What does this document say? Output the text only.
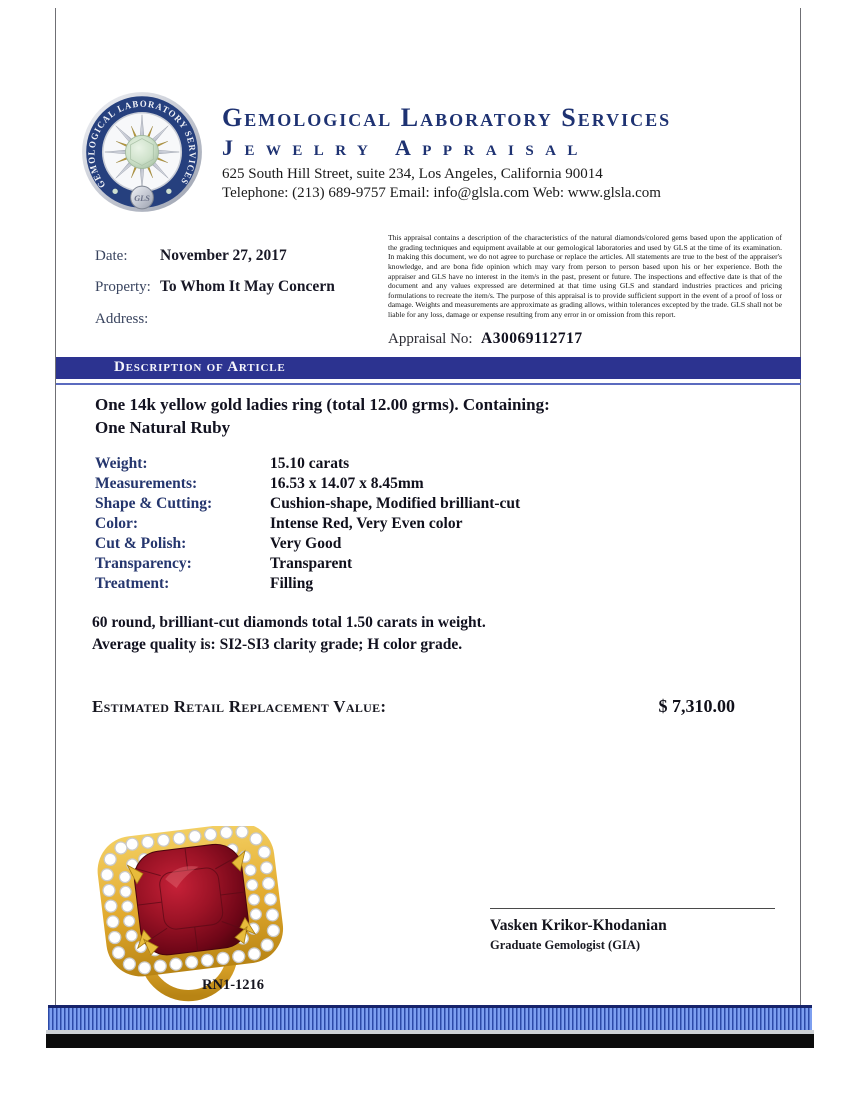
GEMOLOGICAL LABORATORY SERVICES
GLS
Gemological Laboratory Services
Jewelry Appraisal
625 South Hill Street, suite 234, Los Angeles, California 90014
Telephone: (213) 689-9757 Email: info@glsla.com Web: www.glsla.com
Date: November 27, 2017
Property: To Whom It May Concern
Address:
This appraisal contains a description of the characteristics of the natural diamonds/colored gems based upon the application of the grading techniques and equipment available at our gemological laboratories and used by GLS at the time of its examination. In making this document, we do not agree to purchase or replace the articles. All statements are true to the best of the appraiser's knowledge, and are bona fide opinion which may vary from person to person based upon his or her experience. Both the appraiser and GLS have no interest in the item/s in the past, present or future. The inspections and effective date is that of the document and any values expressed are determined at that time using GLS and standard industries practices and pricing formulations to recreate the item/s. The purpose of this appraisal is to provide sufficient support in the event of a proof of loss or damage. Weights and measurements are approximate as grading allows, within tolerances excepted by the trade. GLS shall not be liable for any loss, damage or expense resulting from any error in or omission from this report.
Appraisal No: A30069112717
Description of Article
One 14k yellow gold ladies ring (total 12.00 grms). Containing:
One Natural Ruby
Weight:	15.10 carats
Measurements:	16.53 x 14.07 x 8.45mm
Shape & Cutting:	Cushion-shape, Modified brilliant-cut
Color:	Intense Red, Very Even color
Cut & Polish:	Very Good
Transparency:	Transparent
Treatment:	Filling
60 round, brilliant-cut diamonds total 1.50 carats in weight.
Average quality is: SI2-SI3 clarity grade; H color grade.
Estimated Retail Replacement Value:	$ 7,310.00
RN1-1216
Vasken Krikor-Khodanian
Graduate Gemologist (GIA)
